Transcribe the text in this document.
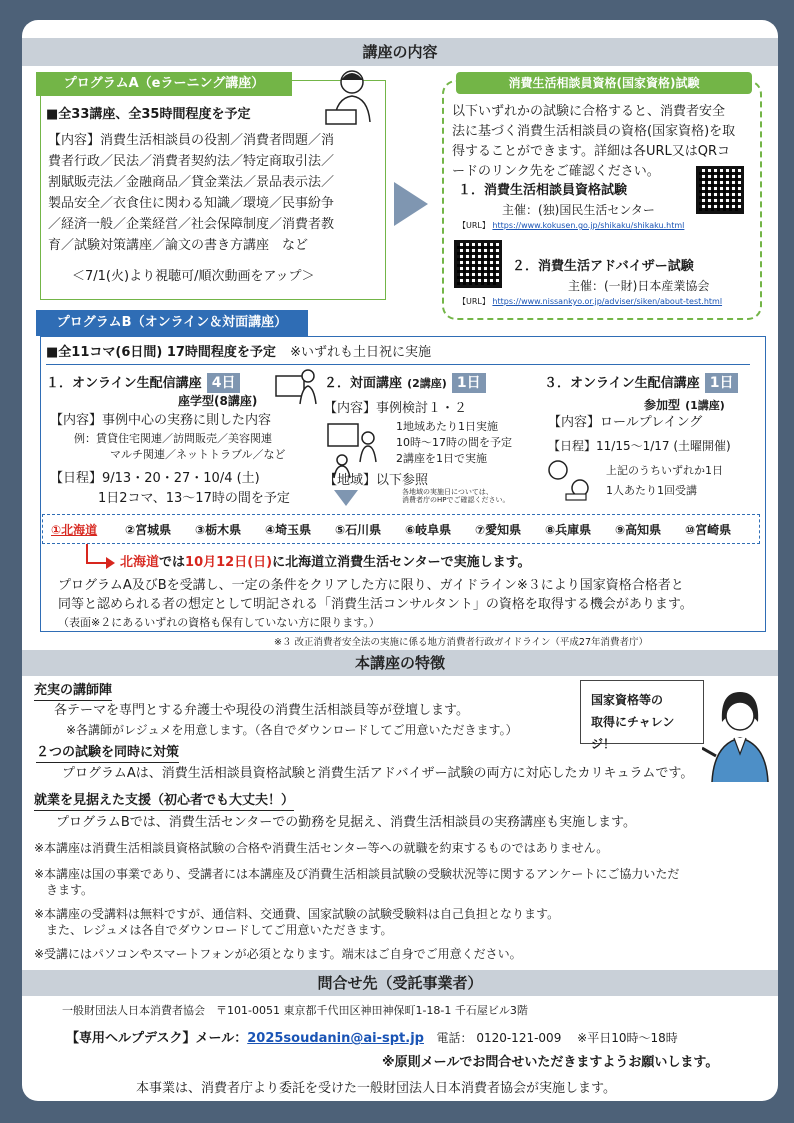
講座の内容
プログラムA（eラーニング講座）
■全33講座、全35時間程度を予定
【内容】消費生活相談員の役割／消費者問題／消
費者行政／民法／消費者契約法／特定商取引法／
割賦販売法／金融商品／貸金業法／景品表示法／
製品安全／衣食住に関わる知識／環境／民事紛争
／経済一般／企業経営／社会保障制度／消費者教
育／試験対策講座／論文の書き方講座　など
＜7/1(火)より視聴可/順次動画をアップ＞
消費生活相談員資格(国家資格)試験
以下いずれかの試験に合格すると、消費者安全
法に基づく消費生活相談員の資格(国家資格)を取
得することができます。詳細は各URL又はQRコ
ードのリンク先をご確認ください。
１．消費生活相談員資格試験
主催：(独)国民生活センター
【URL】 https://www.kokusen.go.jp/shikaku/shikaku.html
２．消費生活アドバイザー試験
主催：(一財)日本産業協会
【URL】 https://www.nissankyo.or.jp/adviser/siken/about-test.html
プログラムB（オンライン＆対面講座）
■全11コマ(6日間) 17時間程度を予定 ※いずれも土日祝に実施
１．オンライン生配信講座 4日
座学型(8講座)
【内容】事例中心の実務に則した内容
例：賃貸住宅関連／訪問販売／美容関連
マルチ関連／ネットトラブル／など
【日程】9/13・20・27・10/4 (土)
1日2コマ、13～17時の間を予定
２．対面講座 (2講座) 1日
【内容】事例検討１・２
1地域あたり1日実施
10時～17時の間を予定
2講座を1日で実施
【地域】以下参照
各地域の実施日については、
消費者庁のHPでご確認ください。
３．オンライン生配信講座 1日
参加型 (1講座)
【内容】ロールプレイング
【日程】11/15～1/17 (土曜開催)
上記のうちいずれか1日
1人あたり1回受講
①北海道 ②宮城県 ③栃木県 ④埼玉県 ⑤石川県 ⑥岐阜県 ⑦愛知県 ⑧兵庫県 ⑨高知県 ⑩宮崎県
北海道では10月12日(日)に北海道立消費生活センターで実施します。
プログラムA及びBを受講し、一定の条件をクリアした方に限り、ガイドライン※３により国家資格合格者と
同等と認められる者の想定として明記される「消費生活コンサルタント」の資格を取得する機会があります。
（表面※２にあるいずれの資格も保有していない方に限ります。）
※３ 改正消費者安全法の実施に係る地方消費者行政ガイドライン（平成27年消費者庁）
本講座の特徴
充実の講師陣
各テーマを専門とする弁護士や現役の消費生活相談員等が登壇します。
※各講師がレジュメを用意します。（各自でダウンロードしてご用意いただきます。）
２つの試験を同時に対策
プログラムAは、消費生活相談員資格試験と消費生活アドバイザー試験の両方に対応したカリキュラムです。
就業を見据えた支援（初心者でも大丈夫！）
プログラムBでは、消費生活センターでの勤務を見据え、消費生活相談員の実務講座も実施します。
国家資格等の
取得にチャレンジ！
※本講座は消費生活相談員資格試験の合格や消費生活センター等への就職を約束するものではありません。
※本講座は国の事業であり、受講者には本講座及び消費生活相談員試験の受験状況等に関するアンケートにご協力いただ
きます。
※本講座の受講料は無料ですが、通信料、交通費、国家試験の試験受験料は自己負担となります。
また、レジュメは各自でダウンロードしてご用意いただきます。
※受講にはパソコンやスマートフォンが必須となります。端末はご自身でご用意ください。
問合せ先（受託事業者）
一般財団法人日本消費者協会　〒101-0051 東京都千代田区神田神保町1-18-1 千石屋ビル3階
【専用ヘルプデスク】メール：2025soudanin@ai-spt.jp 電話： 0120-121-009　 ※平日10時～18時
※原則メールでお問合せいただきますようお願いします。
本事業は、消費者庁より委託を受けた一般財団法人日本消費者協会が実施します。
